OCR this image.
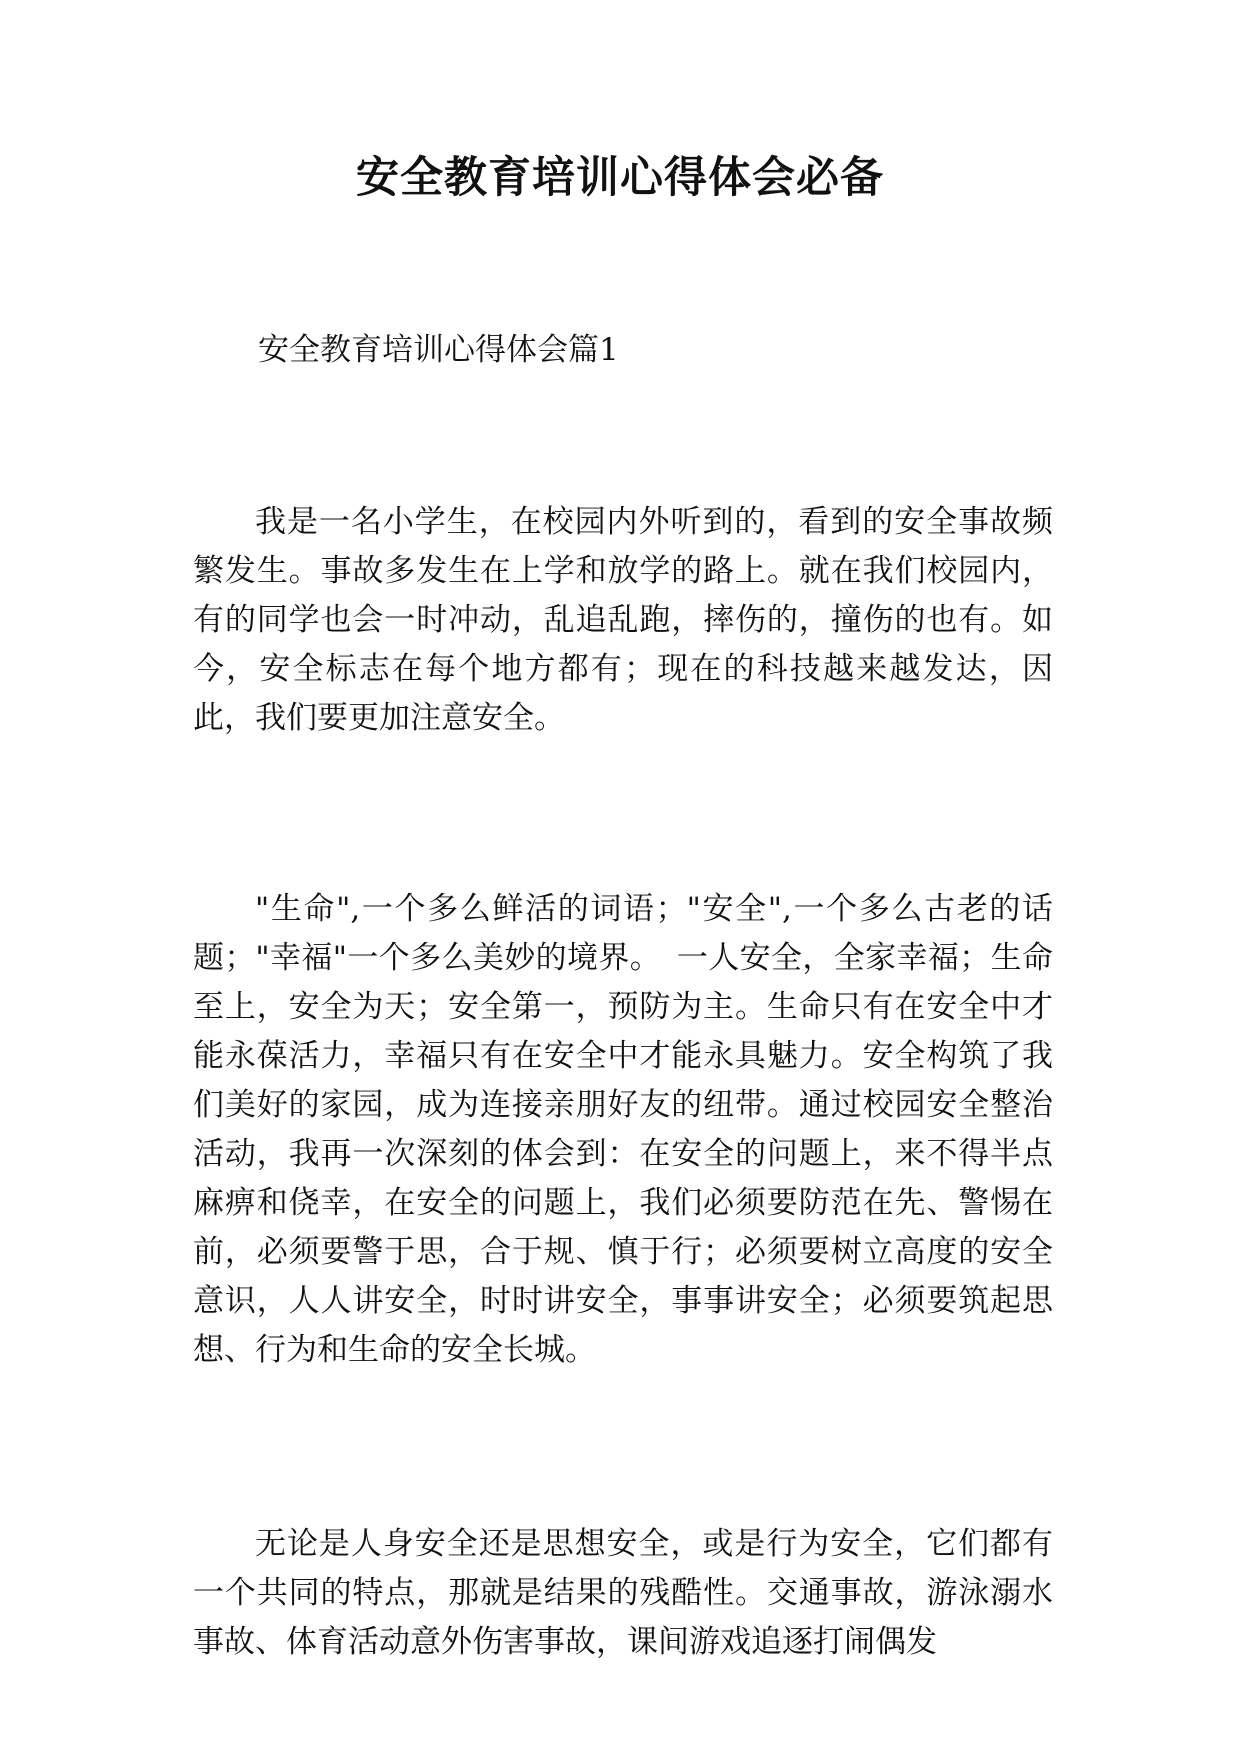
安全教育培训心得体会必备

安全教育培训心得体会篇1

我是一名小学生，在校园内外听到的，看到的安全事故频繁发生。事故多发生在上学和放学的路上。就在我们校园内，有的同学也会一时冲动，乱追乱跑，摔伤的，撞伤的也有。如今，安全标志在每个地方都有；现在的科技越来越发达，因此，我们要更加注意安全。

"生命",一个多么鲜活的词语；"安全",一个多么古老的话题；"幸福"一个多么美妙的境界。　一人安全，全家幸福；生命至上，安全为天；安全第一，预防为主。生命只有在安全中才能永葆活力，幸福只有在安全中才能永具魅力。安全构筑了我们美好的家园，成为连接亲朋好友的纽带。通过校园安全整治活动，我再一次深刻的体会到：在安全的问题上，来不得半点麻痹和侥幸，在安全的问题上，我们必须要防范在先、警惕在前，必须要警于思，合于规、慎于行；必须要树立高度的安全意识，人人讲安全，时时讲安全，事事讲安全；必须要筑起思想、行为和生命的安全长城。

无论是人身安全还是思想安全，或是行为安全，它们都有一个共同的特点，那就是结果的残酷性。交通事故，游泳溺水事故、体育活动意外伤害事故，课间游戏追逐打闹偶发
